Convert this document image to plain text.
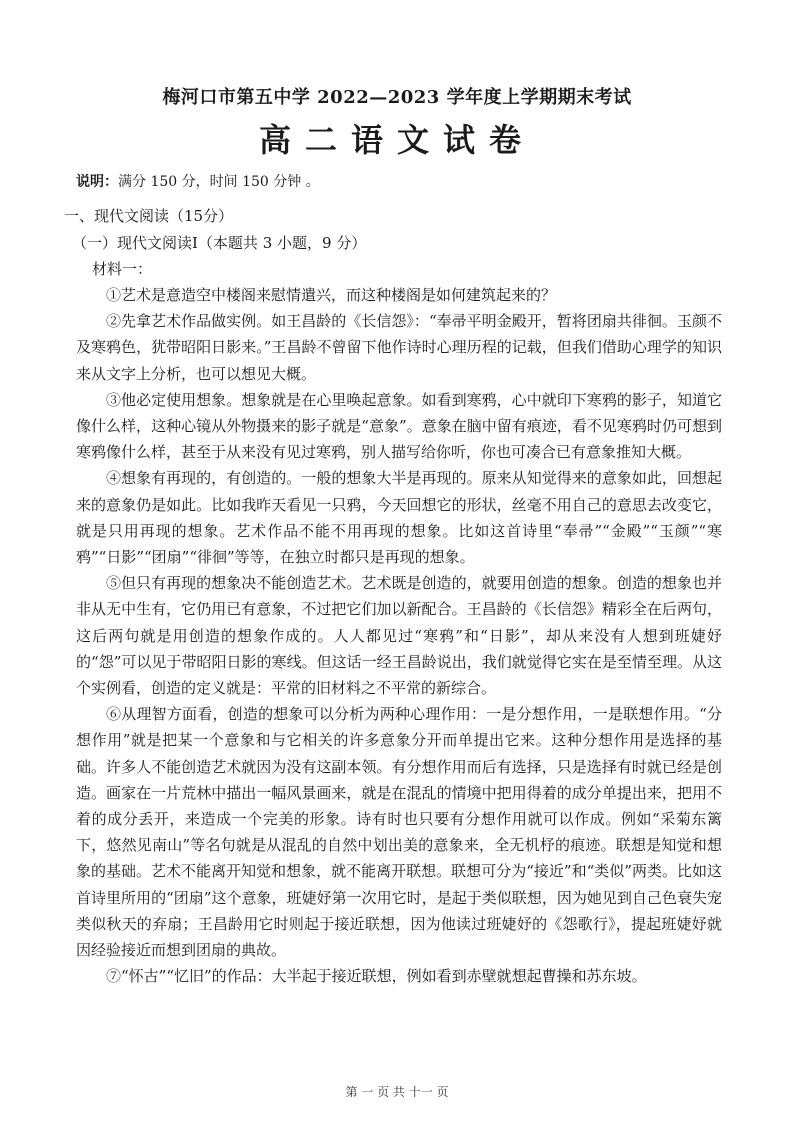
梅河口市第五中学 2022—2023 学年度上学期期末考试
高二语文试卷
说明：满分 150 分，时间 150 分钟 。
一、现代文阅读（15分）
（一）现代文阅读Ⅰ（本题共 3 小题，9 分）
材料一：

①艺术是意造空中楼阁来慰情遣兴，而这种楼阁是如何建筑起来的？

②先拿艺术作品做实例。如王昌龄的《长信怨》：“奉帚平明金殿开，暂将团扇共徘徊。玉颜不及寒鸦色，犹带昭阳日影来。”王昌龄不曾留下他作诗时心理历程的记载，但我们借助心理学的知识来从文字上分析，也可以想见大概。

③他必定使用想象。想象就是在心里唤起意象。如看到寒鸦，心中就印下寒鸦的影子，知道它像什么样，这种心镜从外物摄来的影子就是“意象”。意象在脑中留有痕迹，看不见寒鸦时仍可想到寒鸦像什么样，甚至于从来没有见过寒鸦，别人描写给你听，你也可凑合已有意象推知大概。

④想象有再现的，有创造的。一般的想象大半是再现的。原来从知觉得来的意象如此，回想起来的意象仍是如此。比如我昨天看见一只鸦，今天回想它的形状，丝毫不用自己的意思去改变它，就是只用再现的想象。艺术作品不能不用再现的想象。比如这首诗里“奉帚”“金殿”“玉颜”“寒鸦”“日影”“团扇”“徘徊”等等，在独立时都只是再现的想象。

⑤但只有再现的想象决不能创造艺术。艺术既是创造的，就要用创造的想象。创造的想象也并非从无中生有，它仍用已有意象，不过把它们加以新配合。王昌龄的《长信怨》精彩全在后两句，这后两句就是用创造的想象作成的。人人都见过“寒鸦”和“日影”，却从来没有人想到班婕妤的“怨”可以见于带昭阳日影的寒线。但这话一经王昌龄说出，我们就觉得它实在是至情至理。从这个实例看，创造的定义就是：平常的旧材料之不平常的新综合。

⑥从理智方面看，创造的想象可以分析为两种心理作用：一是分想作用，一是联想作用。“分想作用”就是把某一个意象和与它相关的许多意象分开而单提出它来。这种分想作用是选择的基础。许多人不能创造艺术就因为没有这副本领。有分想作用而后有选择，只是选择有时就已经是创造。画家在一片荒林中描出一幅风景画来，就是在混乱的情境中把用得着的成分单提出来，把用不着的成分丢开，来造成一个完美的形象。诗有时也只要有分想作用就可以作成。例如“采菊东篱下，悠然见南山”等名句就是从混乱的自然中划出美的意象来，全无机杼的痕迹。联想是知觉和想象的基础。艺术不能离开知觉和想象，就不能离开联想。联想可分为“接近”和“类似”两类。比如这首诗里所用的“团扇”这个意象，班婕妤第一次用它时，是起于类似联想，因为她见到自己色衰失宠类似秋天的弃扇；王昌龄用它时则起于接近联想，因为他读过班婕妤的《怨歌行》，提起班婕妤就因经验接近而想到团扇的典故。

⑦“怀古”“忆旧”的作品：大半起于接近联想，例如看到赤壁就想起曹操和苏东坡。

第 一 页 共 十一 页
